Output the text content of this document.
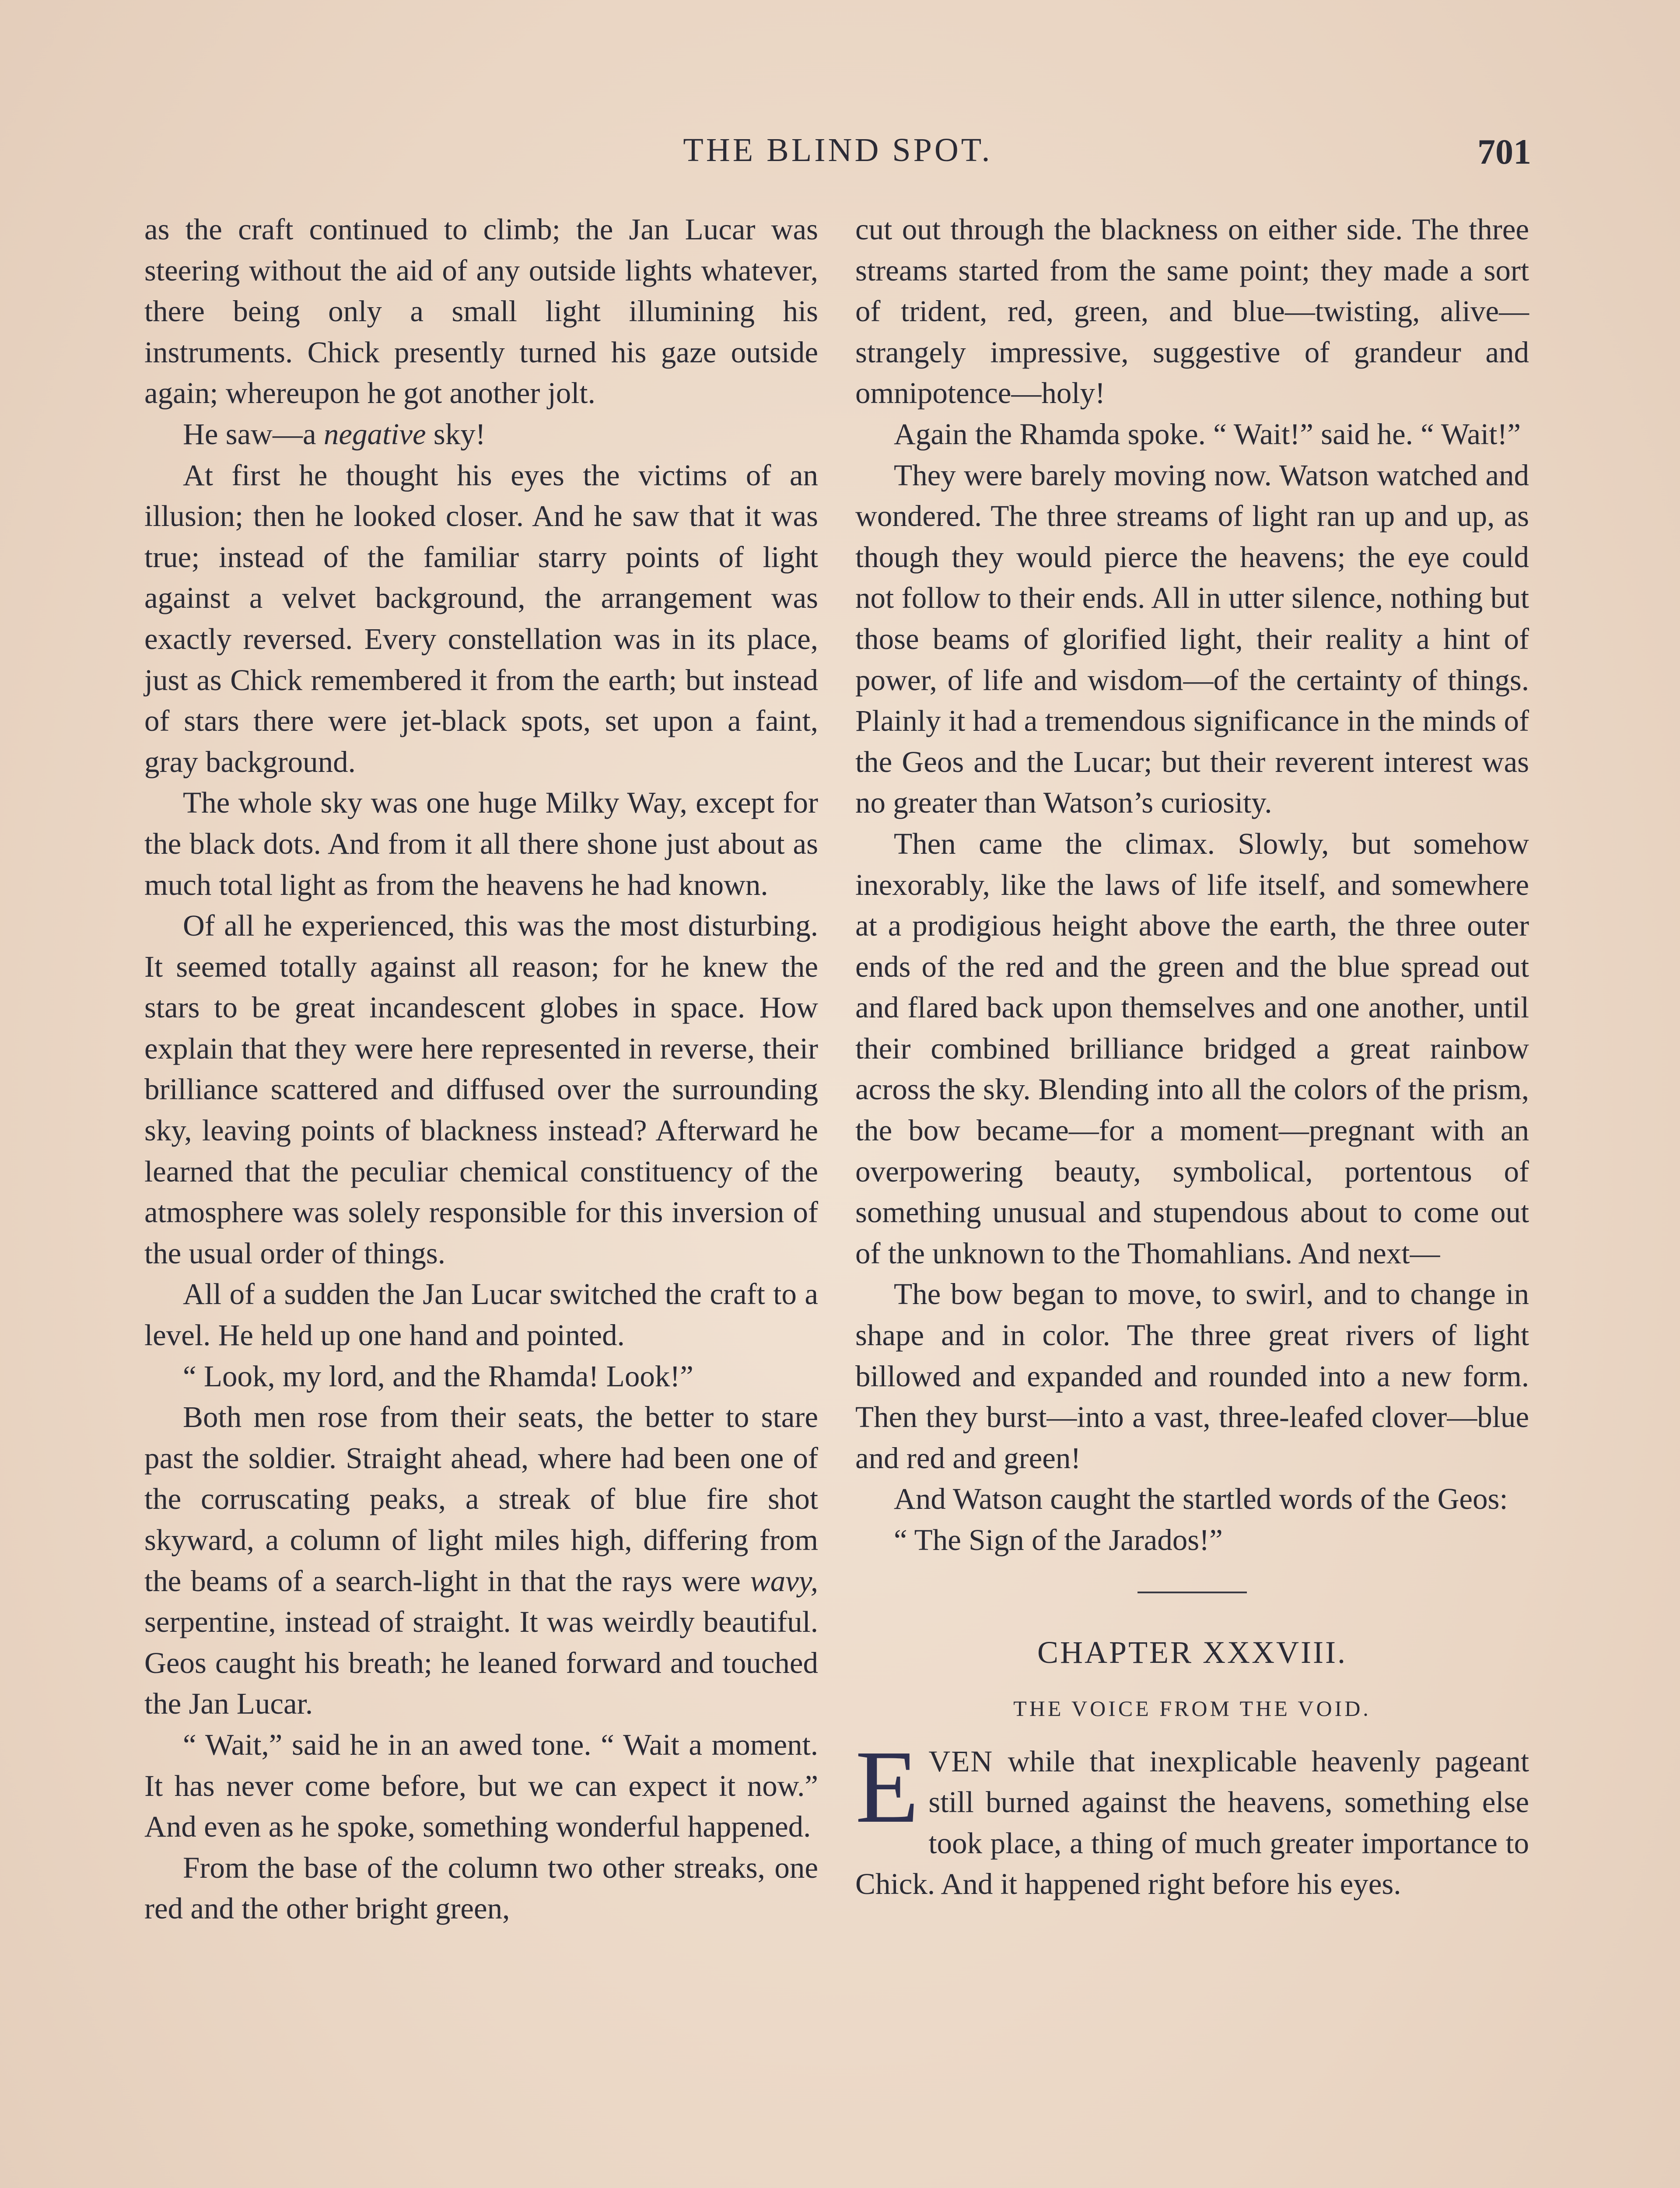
THE BLIND SPOT.	701

as the craft continued to climb; the Jan Lucar was steering without the aid of any outside lights whatever, there being only a small light illumining his instruments. Chick presently turned his gaze outside again; whereupon he got another jolt.

He saw—a negative sky!

At first he thought his eyes the victims of an illusion; then he looked closer. And he saw that it was true; instead of the familiar starry points of light against a velvet background, the arrangement was exactly reversed. Every constellation was in its place, just as Chick remembered it from the earth; but instead of stars there were jet-black spots, set upon a faint, gray background.

The whole sky was one huge Milky Way, except for the black dots. And from it all there shone just about as much total light as from the heavens he had known.

Of all he experienced, this was the most disturbing. It seemed totally against all reason; for he knew the stars to be great incandescent globes in space. How explain that they were here represented in reverse, their brilliance scattered and diffused over the surrounding sky, leaving points of blackness instead? Afterward he learned that the peculiar chemical constituency of the atmosphere was solely responsible for this inversion of the usual order of things.

All of a sudden the Jan Lucar switched the craft to a level. He held up one hand and pointed.

“ Look, my lord, and the Rhamda! Look!”

Both men rose from their seats, the better to stare past the soldier. Straight ahead, where had been one of the corruscating peaks, a streak of blue fire shot skyward, a column of light miles high, differing from the beams of a search-light in that the rays were wavy, serpentine, instead of straight. It was weirdly beautiful. Geos caught his breath; he leaned forward and touched the Jan Lucar.

“ Wait,” said he in an awed tone. “ Wait a moment. It has never come before, but we can expect it now.” And even as he spoke, something wonderful happened.

From the base of the column two other streaks, one red and the other bright green,

cut out through the blackness on either side. The three streams started from the same point; they made a sort of trident, red, green, and blue—twisting, alive—strangely impressive, suggestive of grandeur and omnipotence—holy!

Again the Rhamda spoke. “ Wait!” said he. “ Wait!”

They were barely moving now. Watson watched and wondered. The three streams of light ran up and up, as though they would pierce the heavens; the eye could not follow to their ends. All in utter silence, nothing but those beams of glorified light, their reality a hint of power, of life and wisdom—of the certainty of things. Plainly it had a tremendous significance in the minds of the Geos and the Lucar; but their reverent interest was no greater than Watson’s curiosity.

Then came the climax. Slowly, but somehow inexorably, like the laws of life itself, and somewhere at a prodigious height above the earth, the three outer ends of the red and the green and the blue spread out and flared back upon themselves and one another, until their combined brilliance bridged a great rainbow across the sky. Blending into all the colors of the prism, the bow became—for a moment—pregnant with an overpowering beauty, symbolical, portentous of something unusual and stupendous about to come out of the unknown to the Thomahlians. And next—

The bow began to move, to swirl, and to change in shape and in color. The three great rivers of light billowed and expanded and rounded into a new form. Then they burst—into a vast, three-leafed clover—blue and red and green!

And Watson caught the startled words of the Geos:

“ The Sign of the Jarados!”

CHAPTER XXXVIII.
THE VOICE FROM THE VOID.

EVEN while that inexplicable heavenly pageant still burned against the heavens, something else took place, a thing of much greater importance to Chick. And it happened right before his eyes.
